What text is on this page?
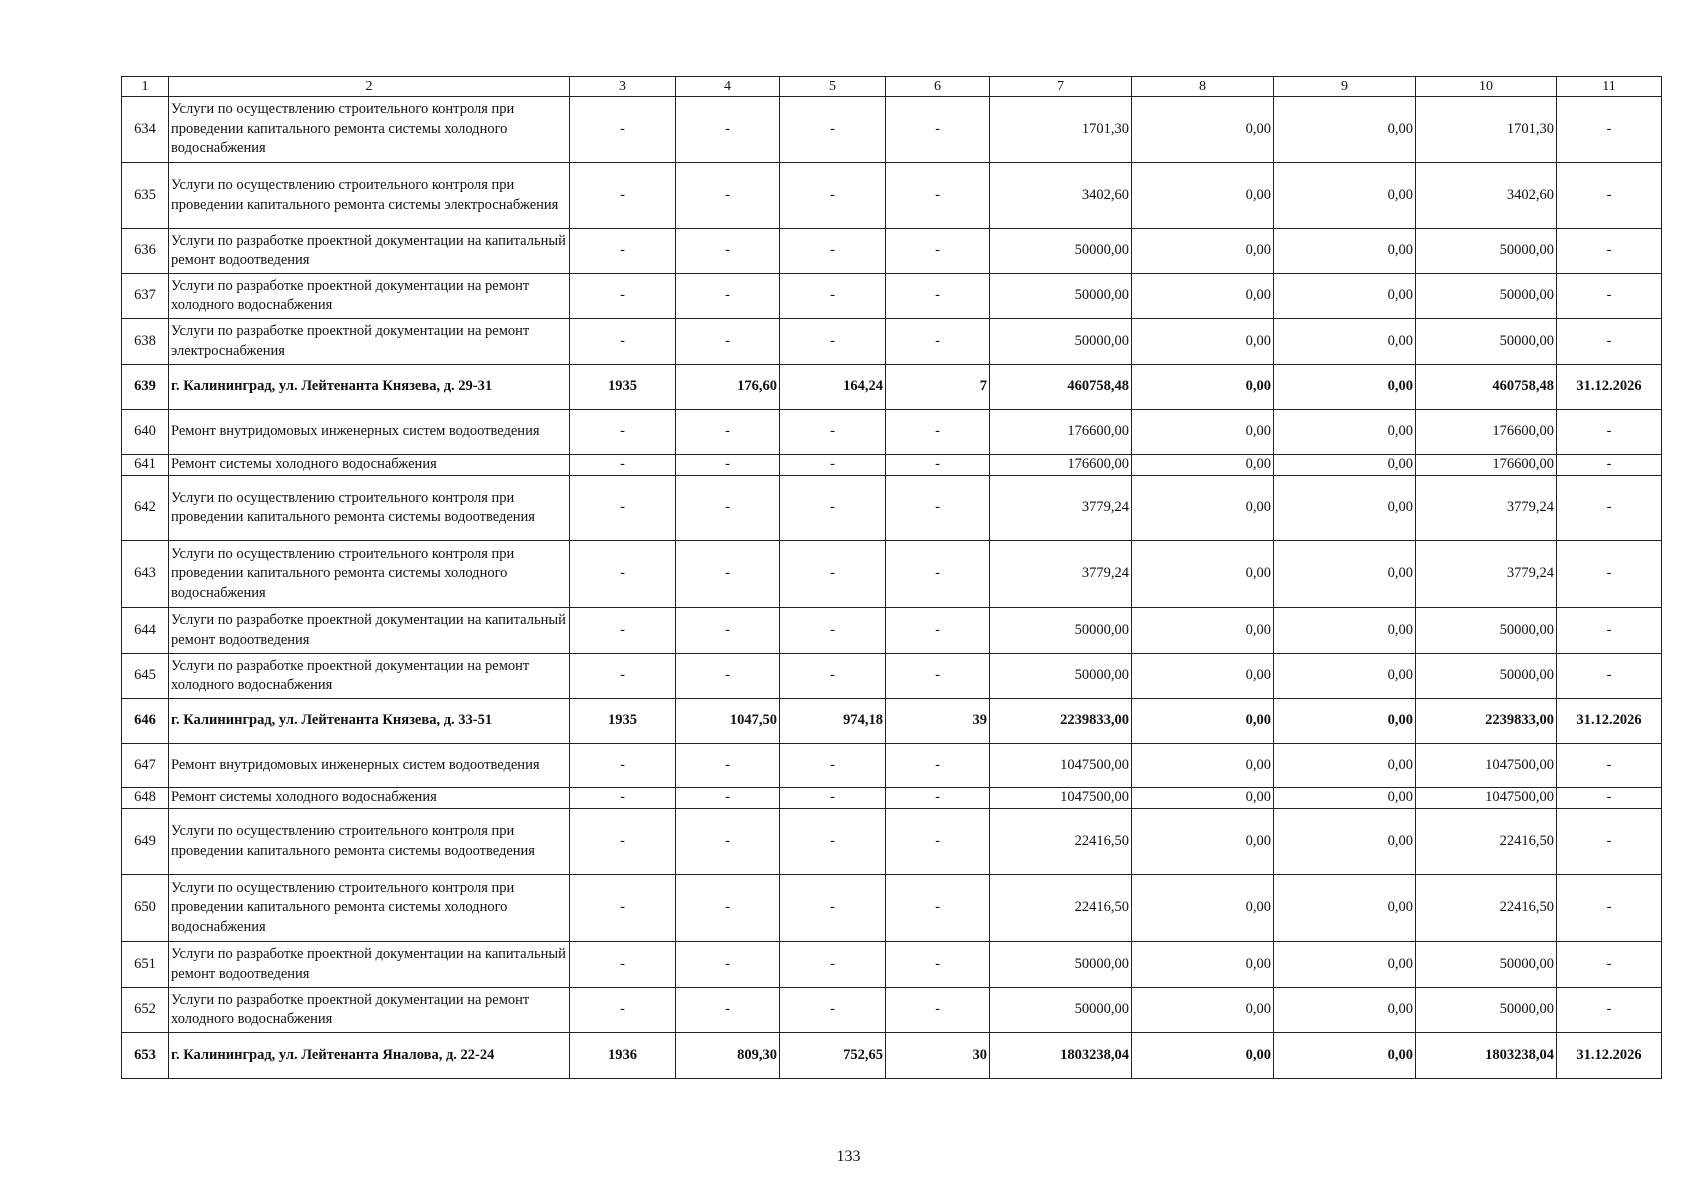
1	2	3	4	5	6	7	8	9	10	11
634	Услуги по осуществлению строительного контроля при проведении капитального ремонта системы холодного водоснабжения	-	-	-	-	1701,30	0,00	0,00	1701,30	-
635	Услуги по осуществлению строительного контроля при проведении капитального ремонта системы электроснабжения	-	-	-	-	3402,60	0,00	0,00	3402,60	-
636	Услуги по разработке проектной документации на капитальный ремонт водоотведения	-	-	-	-	50000,00	0,00	0,00	50000,00	-
637	Услуги по разработке проектной документации на ремонт холодного водоснабжения	-	-	-	-	50000,00	0,00	0,00	50000,00	-
638	Услуги по разработке проектной документации на ремонт электроснабжения	-	-	-	-	50000,00	0,00	0,00	50000,00	-
639	г. Калининград, ул. Лейтенанта Князева, д. 29-31	1935	176,60	164,24	7	460758,48	0,00	0,00	460758,48	31.12.2026
640	Ремонт внутридомовых инженерных систем водоотведения	-	-	-	-	176600,00	0,00	0,00	176600,00	-
641	Ремонт системы холодного водоснабжения	-	-	-	-	176600,00	0,00	0,00	176600,00	-
642	Услуги по осуществлению строительного контроля при проведении капитального ремонта системы водоотведения	-	-	-	-	3779,24	0,00	0,00	3779,24	-
643	Услуги по осуществлению строительного контроля при проведении капитального ремонта системы холодного водоснабжения	-	-	-	-	3779,24	0,00	0,00	3779,24	-
644	Услуги по разработке проектной документации на капитальный ремонт водоотведения	-	-	-	-	50000,00	0,00	0,00	50000,00	-
645	Услуги по разработке проектной документации на ремонт холодного водоснабжения	-	-	-	-	50000,00	0,00	0,00	50000,00	-
646	г. Калининград, ул. Лейтенанта Князева, д. 33-51	1935	1047,50	974,18	39	2239833,00	0,00	0,00	2239833,00	31.12.2026
647	Ремонт внутридомовых инженерных систем водоотведения	-	-	-	-	1047500,00	0,00	0,00	1047500,00	-
648	Ремонт системы холодного водоснабжения	-	-	-	-	1047500,00	0,00	0,00	1047500,00	-
649	Услуги по осуществлению строительного контроля при проведении капитального ремонта системы водоотведения	-	-	-	-	22416,50	0,00	0,00	22416,50	-
650	Услуги по осуществлению строительного контроля при проведении капитального ремонта системы холодного водоснабжения	-	-	-	-	22416,50	0,00	0,00	22416,50	-
651	Услуги по разработке проектной документации на капитальный ремонт водоотведения	-	-	-	-	50000,00	0,00	0,00	50000,00	-
652	Услуги по разработке проектной документации на ремонт холодного водоснабжения	-	-	-	-	50000,00	0,00	0,00	50000,00	-
653	г. Калининград, ул. Лейтенанта Яналова, д. 22-24	1936	809,30	752,65	30	1803238,04	0,00	0,00	1803238,04	31.12.2026
133
